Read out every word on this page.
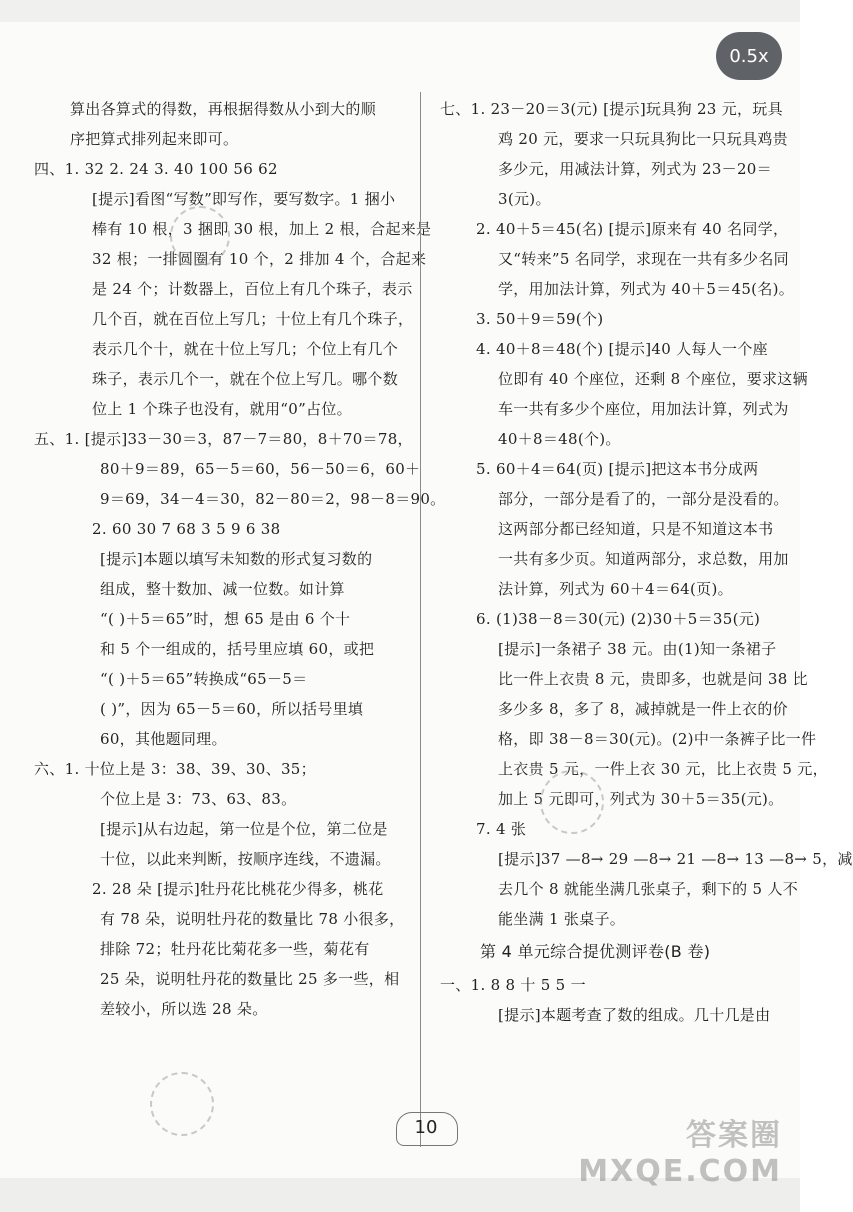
0.5x
算出各算式的得数，再根据得数从小到大的顺
序把算式排列起来即可。
四、1. 32 2. 24 3. 40 100 56 62
[提示]看图“写数”即写作，要写数字。1 捆小
棒有 10 根，3 捆即 30 根，加上 2 根，合起来是
32 根；一排圆圈有 10 个，2 排加 4 个，合起来
是 24 个；计数器上，百位上有几个珠子，表示
几个百，就在百位上写几；十位上有几个珠子，
表示几个十，就在十位上写几；个位上有几个
珠子，表示几个一，就在个位上写几。哪个数
位上 1 个珠子也没有，就用“0”占位。
五、1. [提示]33－30＝3，87－7＝80，8＋70＝78，
80＋9＝89，65－5＝60，56－50＝6，60＋
9＝69，34－4＝30，82－80＝2，98－8＝90。
2. 60 30 7 68 3 5 9 6 38
[提示]本题以填写未知数的形式复习数的
组成，整十数加、减一位数。如计算
“( )＋5＝65”时，想 65 是由 6 个十
和 5 个一组成的，括号里应填 60，或把
“( )＋5＝65”转换成“65－5＝
( )”，因为 65－5＝60，所以括号里填
60，其他题同理。
六、1. 十位上是 3：38、39、30、35；
个位上是 3：73、63、83。
[提示]从右边起，第一位是个位，第二位是
十位，以此来判断，按顺序连线，不遗漏。
2. 28 朵 [提示]牡丹花比桃花少得多，桃花
有 78 朵，说明牡丹花的数量比 78 小很多，
排除 72；牡丹花比菊花多一些，菊花有
25 朵，说明牡丹花的数量比 25 多一些，相
差较小，所以选 28 朵。
七、1. 23－20＝3(元) [提示]玩具狗 23 元，玩具
鸡 20 元，要求一只玩具狗比一只玩具鸡贵
多少元，用减法计算，列式为 23－20＝
3(元)。
2. 40＋5＝45(名) [提示]原来有 40 名同学，
又“转来”5 名同学，求现在一共有多少名同
学，用加法计算，列式为 40＋5＝45(名)。
3. 50＋9＝59(个)
4. 40＋8＝48(个) [提示]40 人每人一个座
位即有 40 个座位，还剩 8 个座位，要求这辆
车一共有多少个座位，用加法计算，列式为
40＋8＝48(个)。
5. 60＋4＝64(页) [提示]把这本书分成两
部分，一部分是看了的，一部分是没看的。
这两部分都已经知道，只是不知道这本书
一共有多少页。知道两部分，求总数，用加
法计算，列式为 60＋4＝64(页)。
6. (1)38－8＝30(元) (2)30＋5＝35(元)
[提示]一条裙子 38 元。由(1)知一条裙子
比一件上衣贵 8 元，贵即多，也就是问 38 比
多少多 8，多了 8，减掉就是一件上衣的价
格，即 38－8＝30(元)。(2)中一条裤子比一件
上衣贵 5 元，一件上衣 30 元，比上衣贵 5 元，
加上 5 元即可，列式为 30＋5＝35(元)。
7. 4 张
[提示]37 —8→ 29 —8→ 21 —8→ 13 —8→ 5，减
去几个 8 就能坐满几张桌子，剩下的 5 人不
能坐满 1 张桌子。
第 4 单元综合提优测评卷(B 卷)
一、1. 8 8 十 5 5 一
[提示]本题考查了数的组成。几十几是由
10	答案圈
MXQE.COM
